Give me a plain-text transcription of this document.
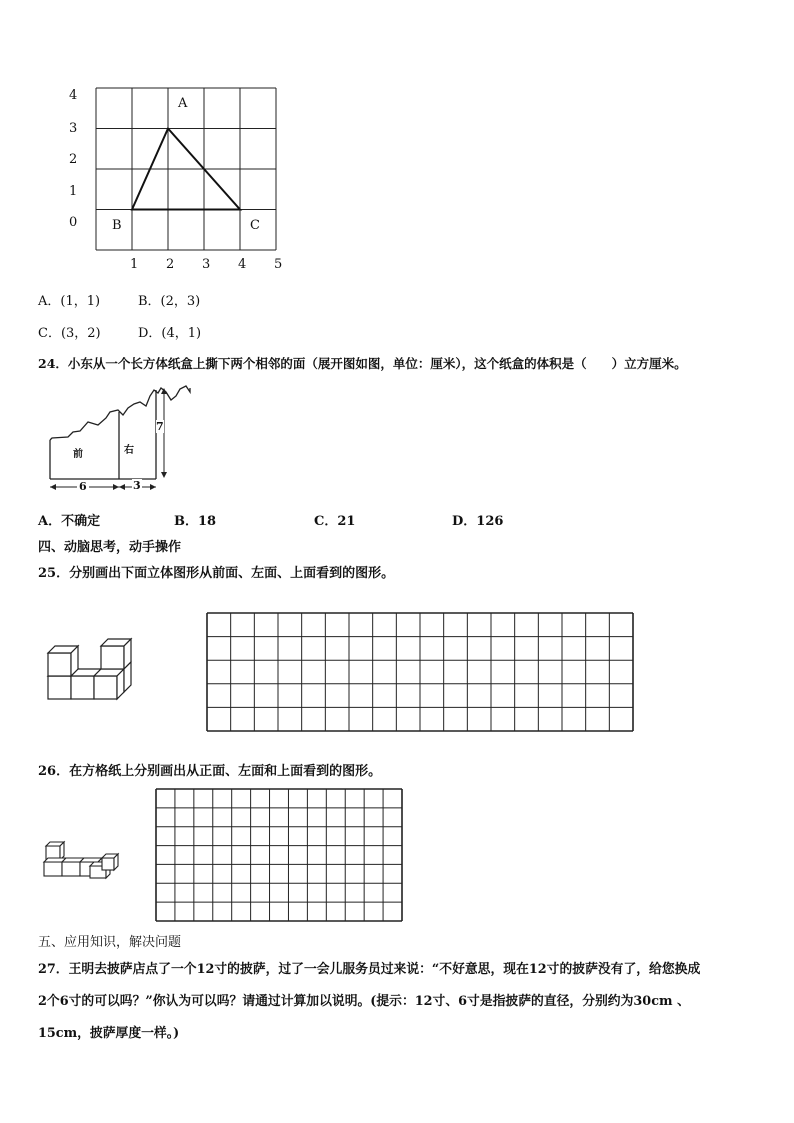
4
3
2
1
0
1 2 3 4 5
A
B	C
A．(1，1)	B．(2，3)
C．(3，2)	D．(4，1)
24．小东从一个长方体纸盒上撕下两个相邻的面（展开图如图，单位：厘米），这个纸盒的体积是（　　）立方厘米。
前	右
7
6	3
A．不确定	B．18	C．21	D．126
四、动脑思考，动手操作
25．分别画出下面立体图形从前面、左面、上面看到的图形。
26．在方格纸上分别画出从正面、左面和上面看到的图形。
五、应用知识，解决问题
27．王明去披萨店点了一个12寸的披萨，过了一会儿服务员过来说：“不好意思，现在12寸的披萨没有了，给您换成
2个6寸的可以吗？”你认为可以吗？请通过计算加以说明。(提示：12寸、6寸是指披萨的直径，分别约为30cm 、
15cm，披萨厚度一样。)
